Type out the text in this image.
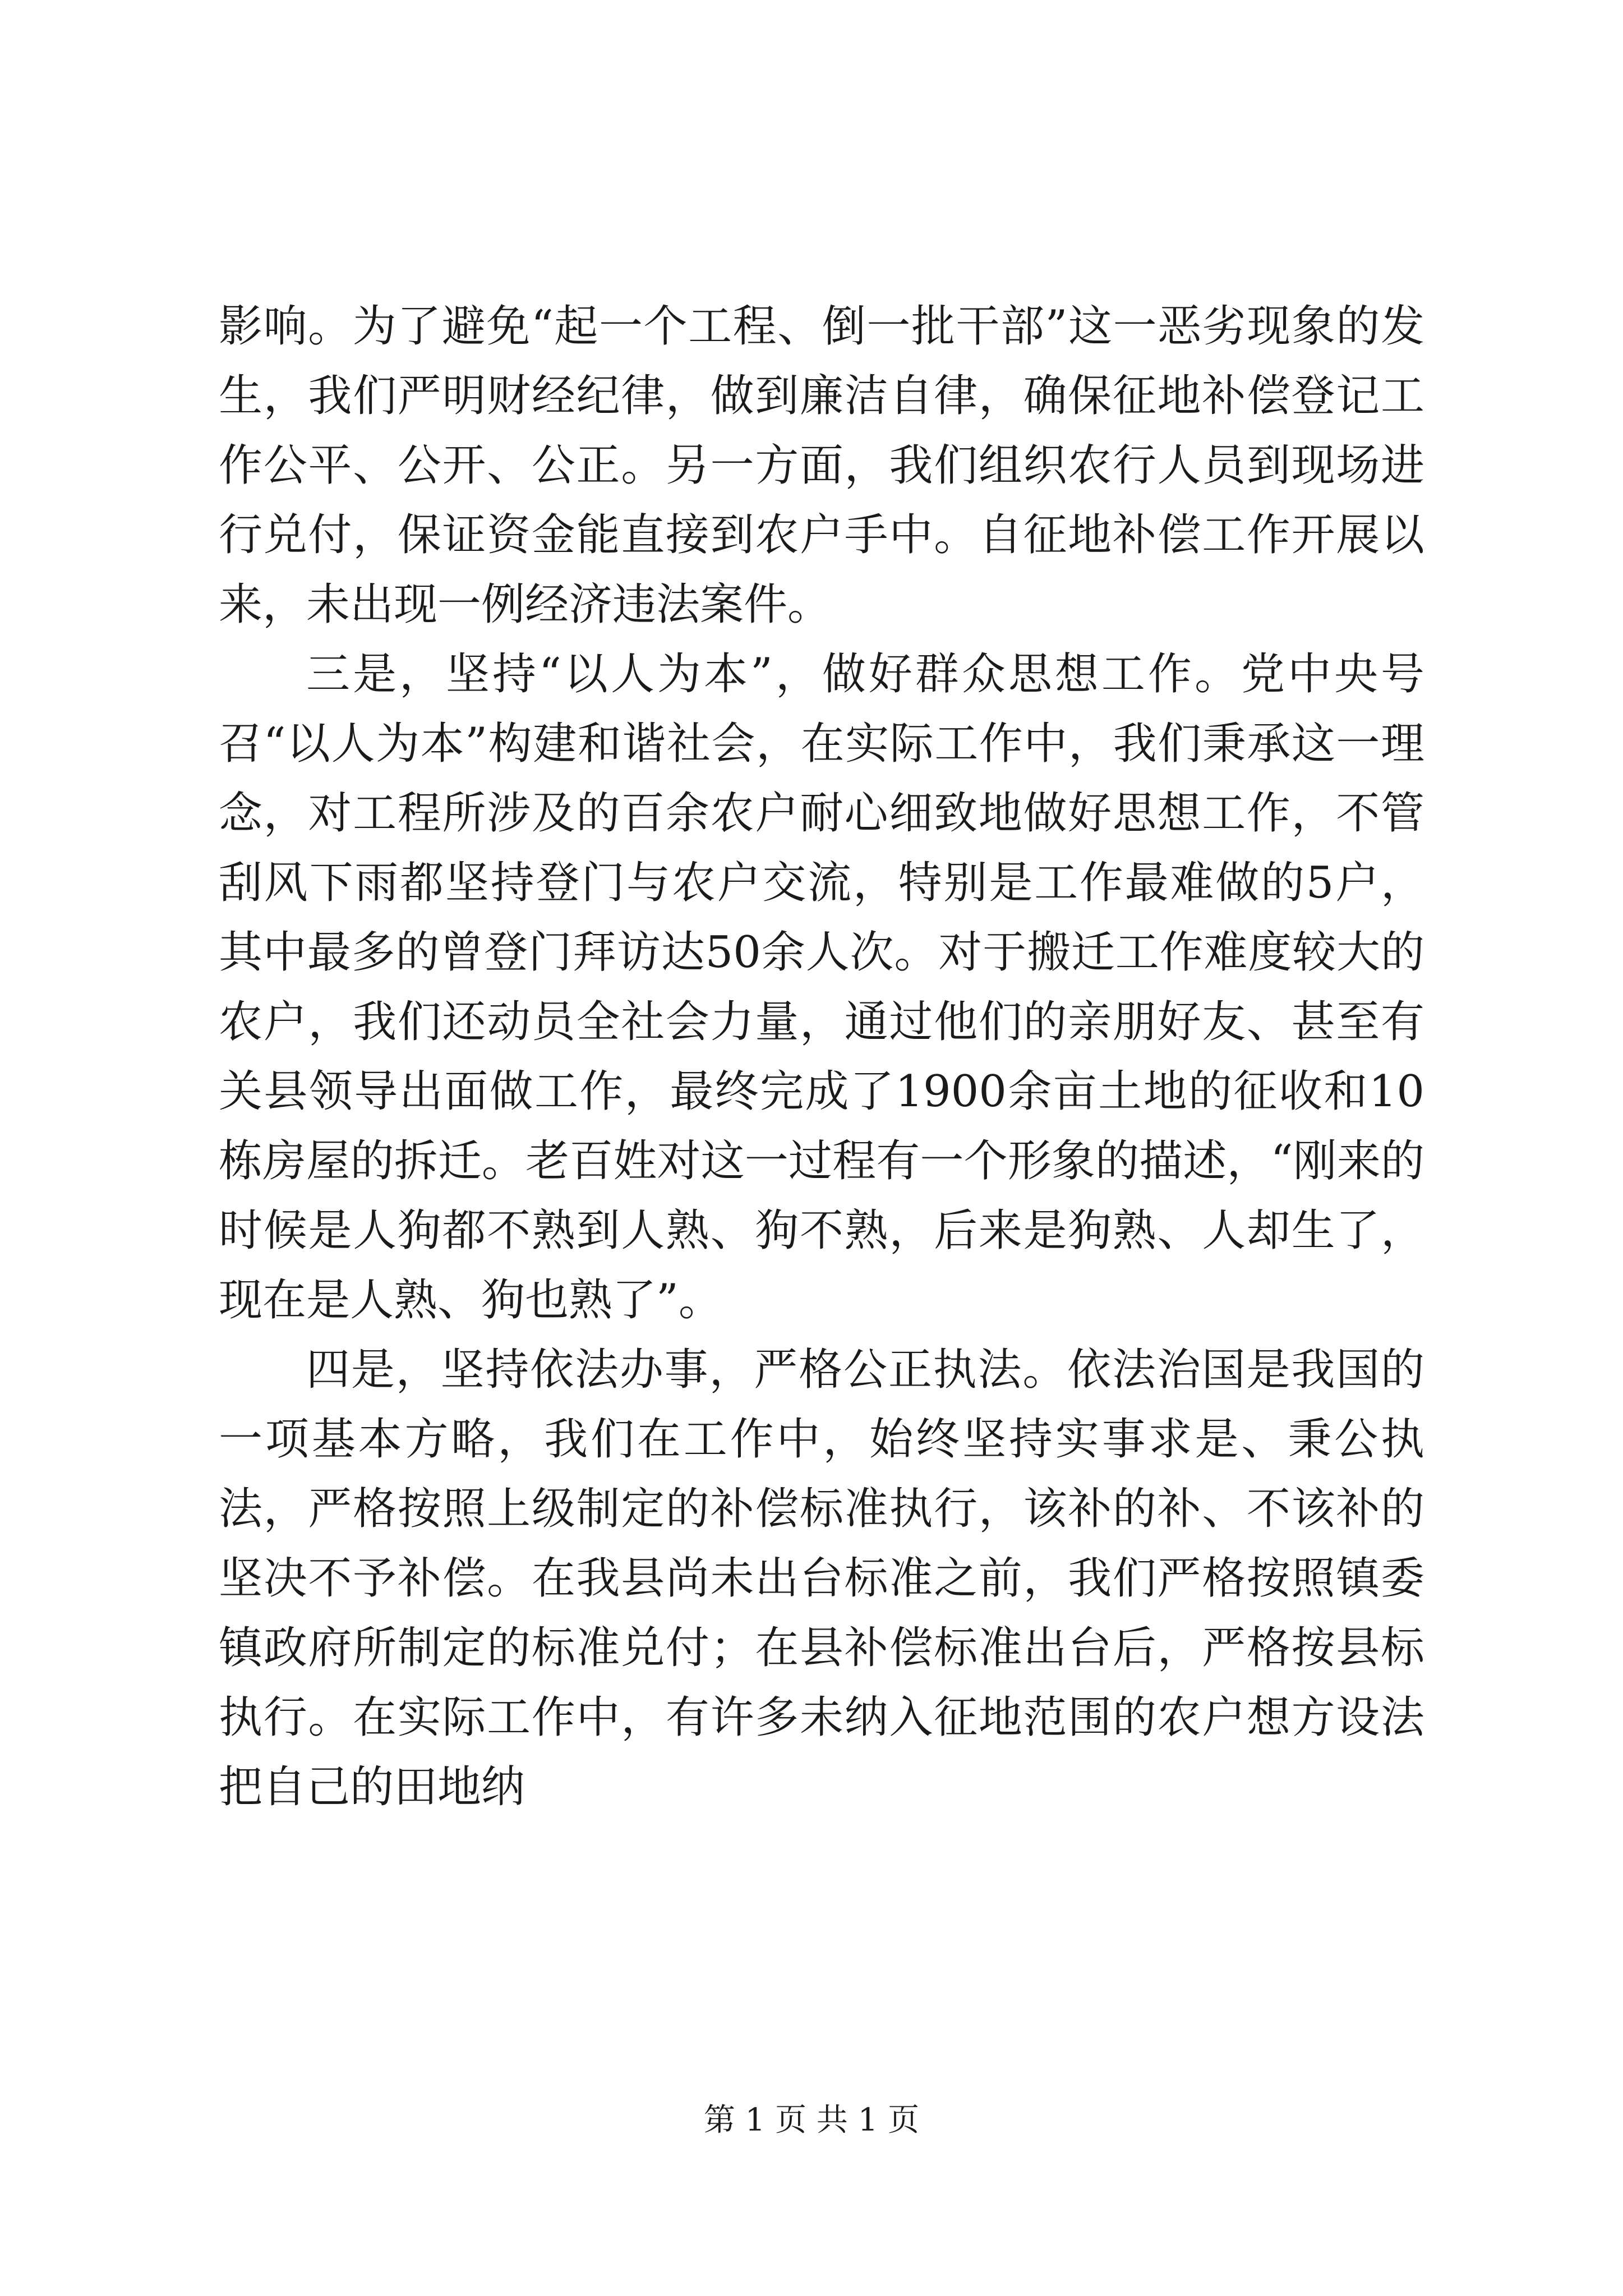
影响。为了避免“起一个工程、倒一批干部”这一恶劣现象的发生，我们严明财经纪律，做到廉洁自律，确保征地补偿登记工作公平、公开、公正。另一方面，我们组织农行人员到现场进行兑付，保证资金能直接到农户手中。自征地补偿工作开展以来，未出现一例经济违法案件。

三是，坚持“以人为本”，做好群众思想工作。党中央号召“以人为本”构建和谐社会，在实际工作中，我们秉承这一理念，对工程所涉及的百余农户耐心细致地做好思想工作，不管刮风下雨都坚持登门与农户交流，特别是工作最难做的5户，其中最多的曾登门拜访达50余人次。对于搬迁工作难度较大的农户，我们还动员全社会力量，通过他们的亲朋好友、甚至有关县领导出面做工作，最终完成了1900余亩土地的征收和10栋房屋的拆迁。老百姓对这一过程有一个形象的描述，“刚来的时候是人狗都不熟到人熟、狗不熟，后来是狗熟、人却生了，现在是人熟、狗也熟了”。

四是，坚持依法办事，严格公正执法。依法治国是我国的一项基本方略，我们在工作中，始终坚持实事求是、秉公执法，严格按照上级制定的补偿标准执行，该补的补、不该补的坚决不予补偿。在我县尚未出台标准之前，我们严格按照镇委镇政府所制定的标准兑付；在县补偿标准出台后，严格按县标执行。在实际工作中，有许多未纳入征地范围的农户想方设法把自己的田地纳

第 1 页 共 1 页
